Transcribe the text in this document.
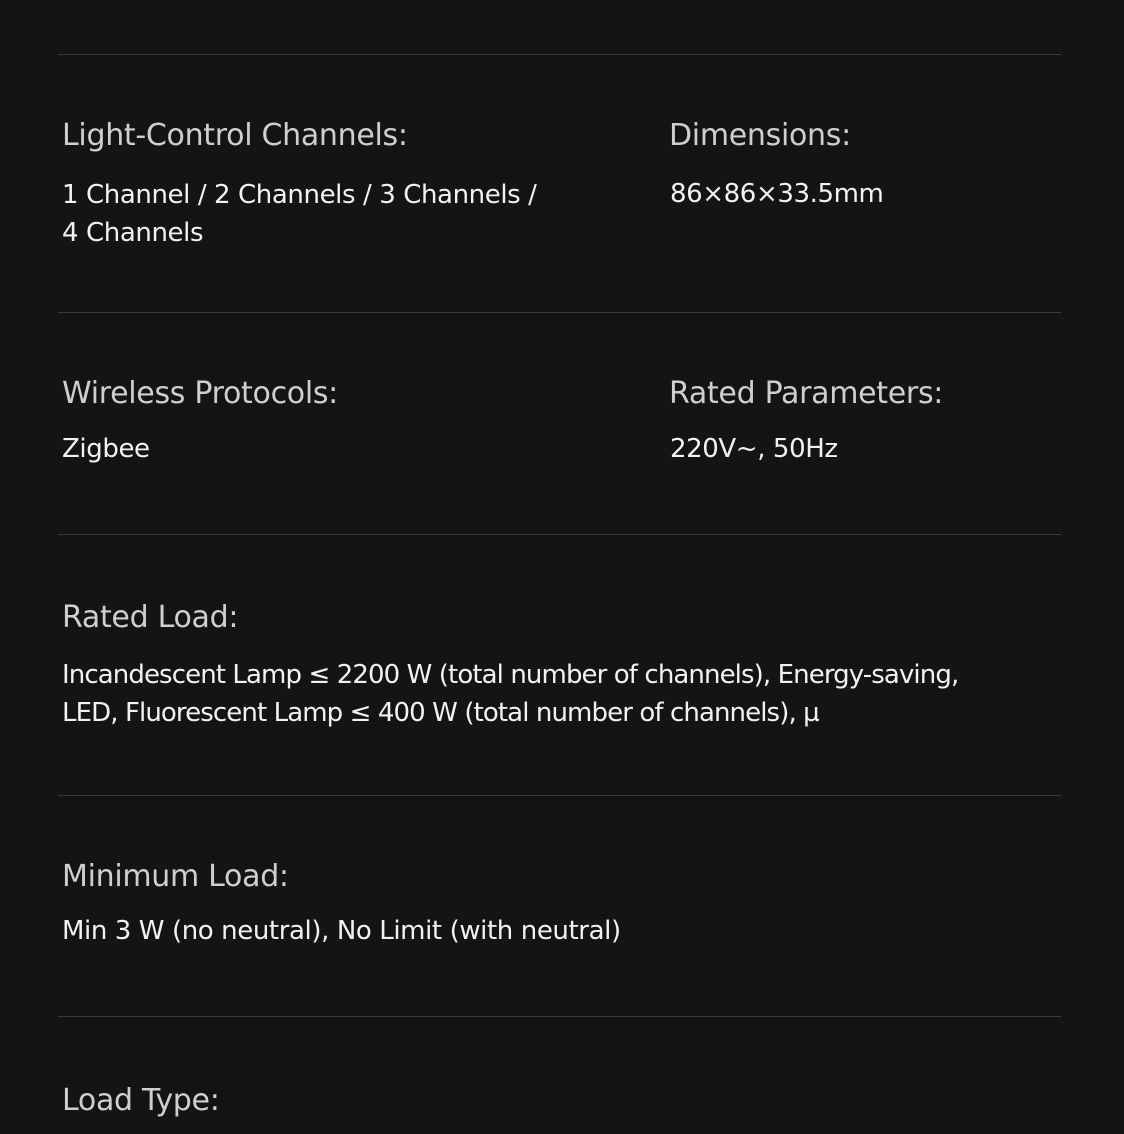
Light-Control Channels:
1 Channel / 2 Channels / 3 Channels /
4 Channels
Dimensions:
86×86×33.5mm
Wireless Protocols:
Zigbee
Rated Parameters:
220V~, 50Hz
Rated Load:
Incandescent Lamp ≤ 2200 W (total number of channels), Energy-saving,
LED, Fluorescent Lamp ≤ 400 W (total number of channels), µ
Minimum Load:
Min 3 W (no neutral), No Limit (with neutral)
Load Type:
